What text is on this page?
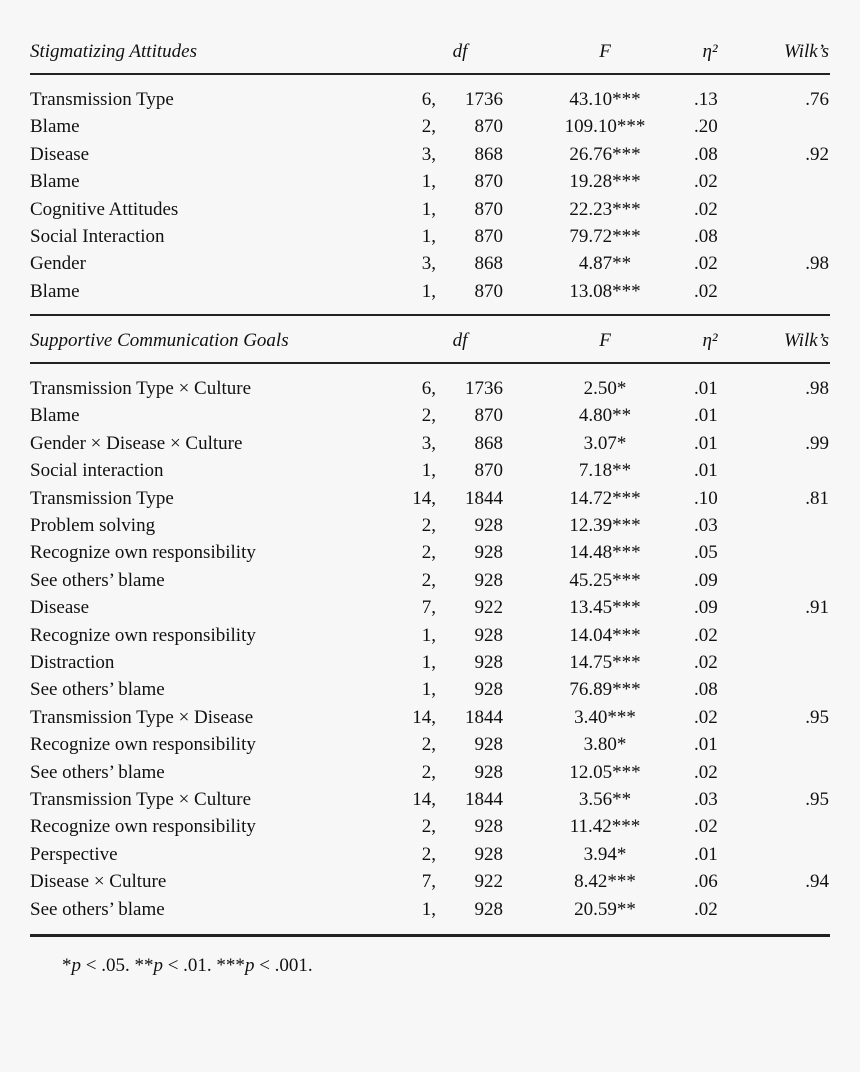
Stigmatizing Attitudes	df	F	η²	Wilk’s
Transmission Type	6,	1736	43.10***	.13	.76
Blame	2,	870	109.10***	.20
Disease	3,	868	26.76***	.08	.92
Blame	1,	870	19.28***	.02
Cognitive Attitudes	1,	870	22.23***	.02
Social Interaction	1,	870	79.72***	.08
Gender	3,	868	4.87**	.02	.98
Blame	1,	870	13.08***	.02
Supportive Communication Goals	df	F	η²	Wilk’s
Transmission Type × Culture	6,	1736	2.50*	.01	.98
Blame	2,	870	4.80**	.01
Gender × Disease × Culture	3,	868	3.07*	.01	.99
Social interaction	1,	870	7.18**	.01
Transmission Type	14,	1844	14.72***	.10	.81
Problem solving	2,	928	12.39***	.03
Recognize own responsibility	2,	928	14.48***	.05
See others’ blame	2,	928	45.25***	.09
Disease	7,	922	13.45***	.09	.91
Recognize own responsibility	1,	928	14.04***	.02
Distraction	1,	928	14.75***	.02
See others’ blame	1,	928	76.89***	.08
Transmission Type × Disease	14,	1844	3.40***	.02	.95
Recognize own responsibility	2,	928	3.80*	.01
See others’ blame	2,	928	12.05***	.02
Transmission Type × Culture	14,	1844	3.56**	.03	.95
Recognize own responsibility	2,	928	11.42***	.02
Perspective	2,	928	3.94*	.01
Disease × Culture	7,	922	8.42***	.06	.94
See others’ blame	1,	928	20.59**	.02
*p < .05. **p < .01. ***p < .001.
